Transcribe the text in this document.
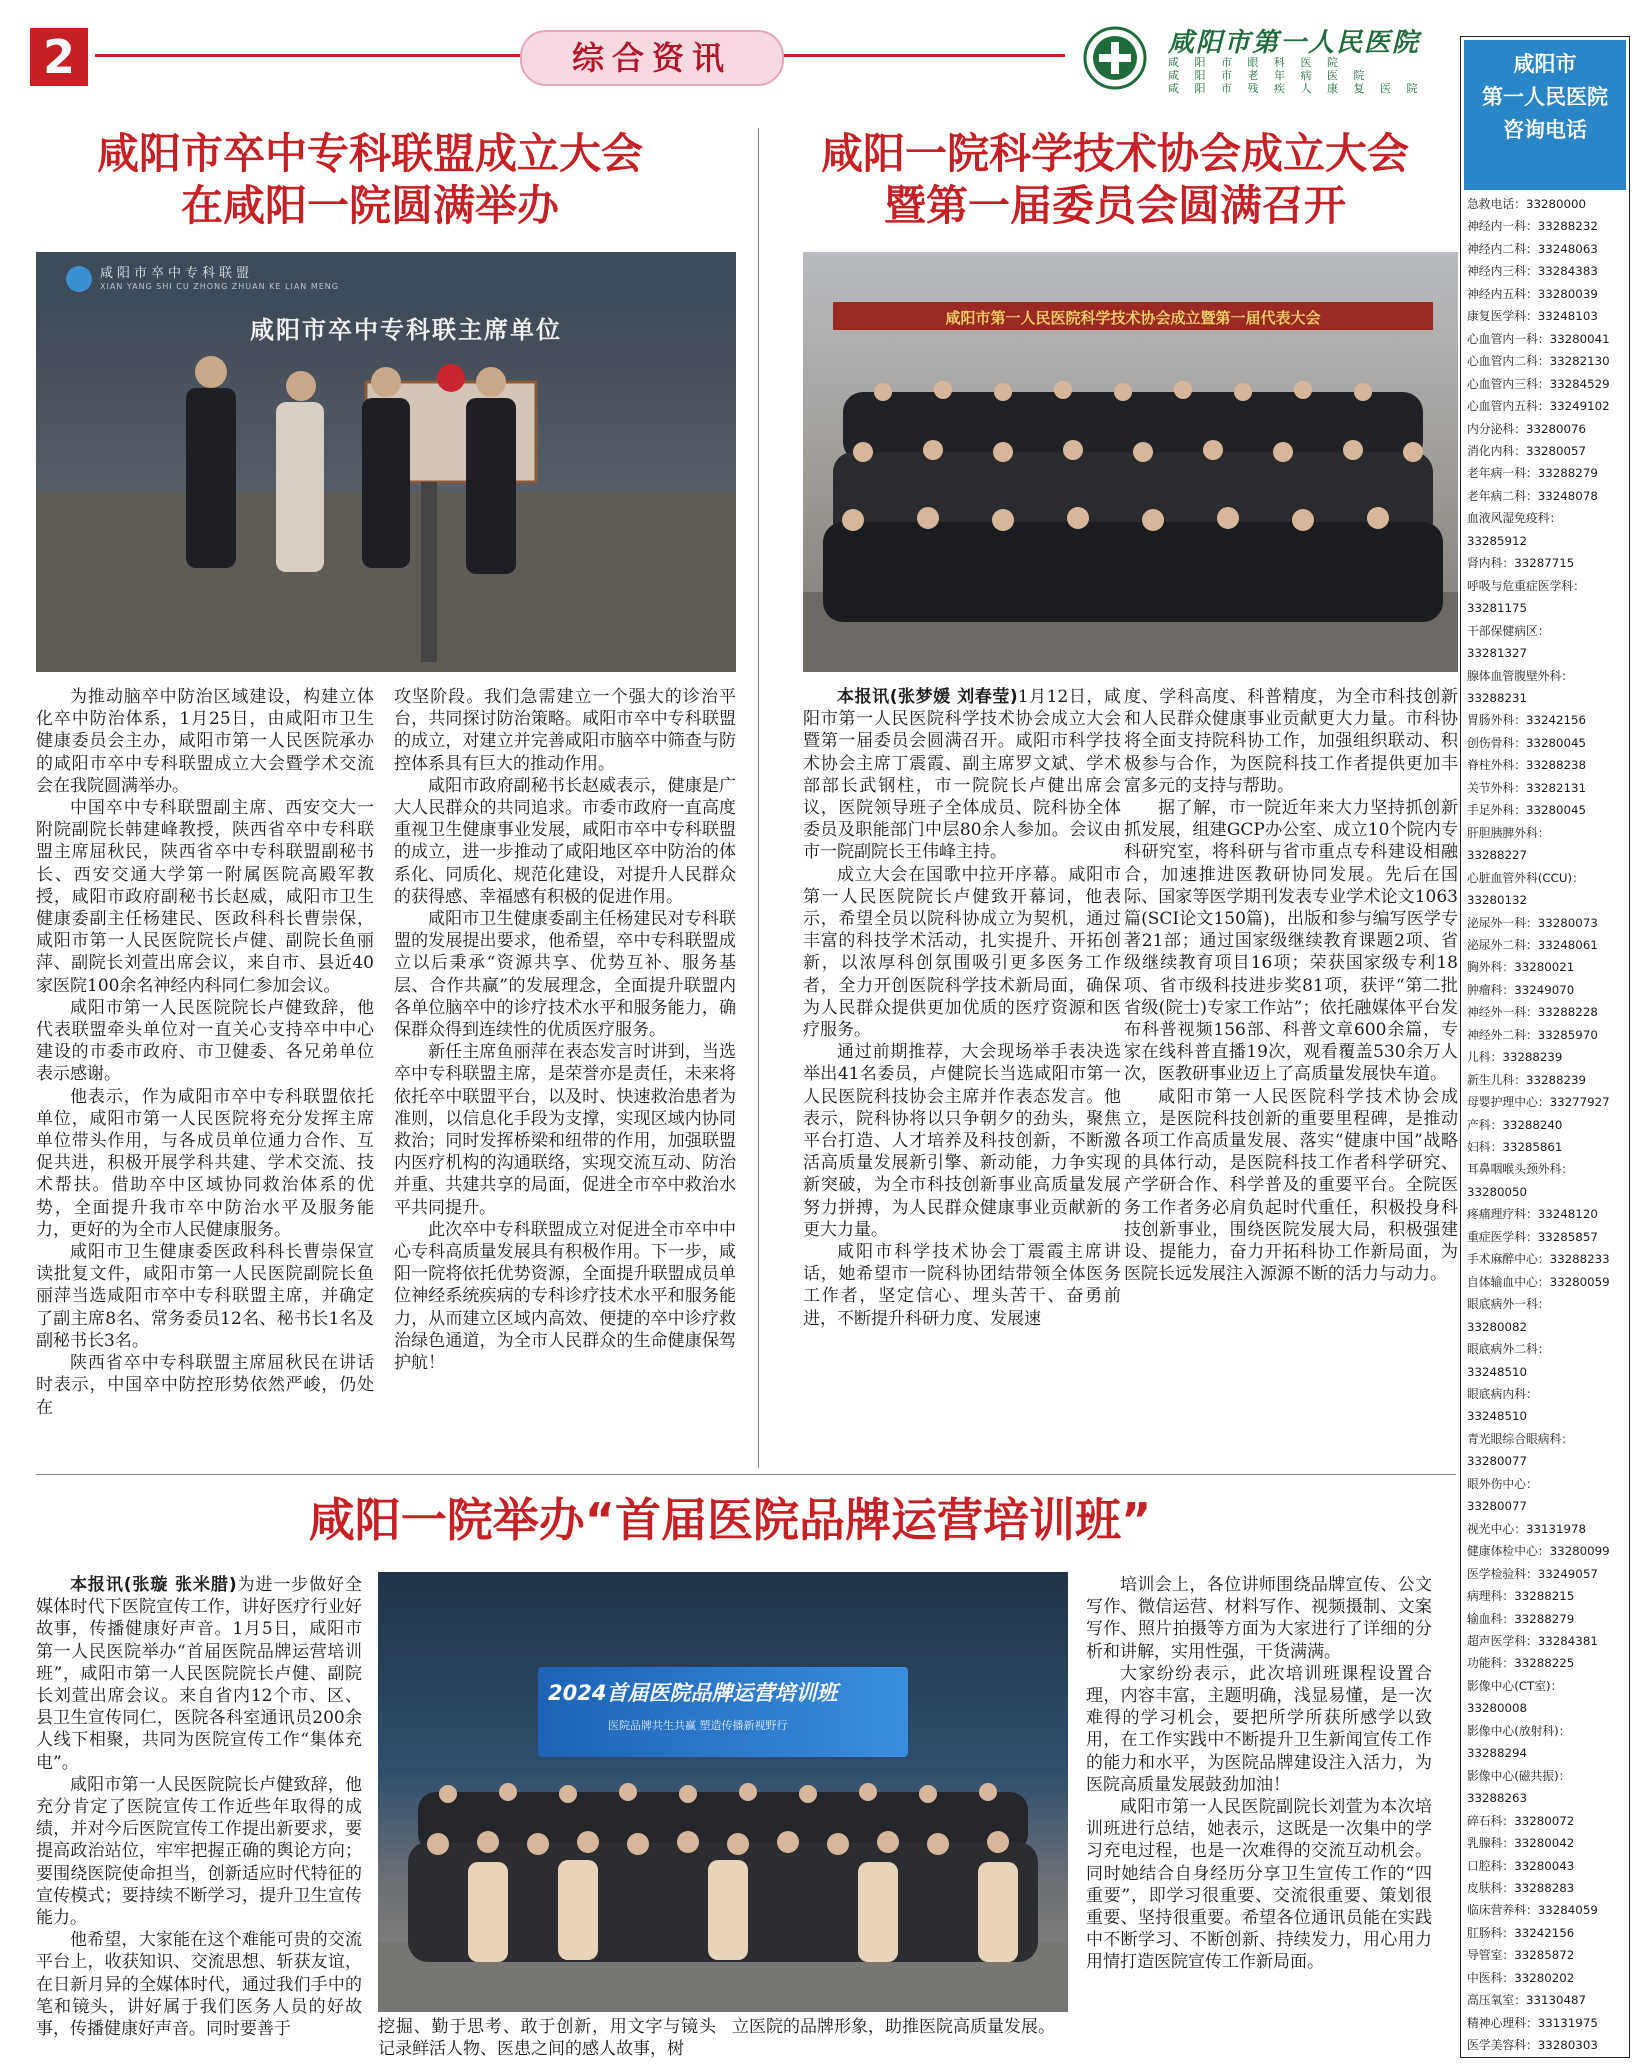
2	综合资讯	咸阳市第一人民医院
咸 阳 市 眼 科 医 院
咸 阳 市 老 年 病 医 院
咸 阳 市 残 疾 人 康 复 医 院
咸阳市
第一人民医院
咨询电话
急救电话：33280000
神经内一科：33288232
神经内二科：33248063
神经内三科：33284383
神经内五科：33280039
康复医学科：33248103
心血管内一科：33280041
心血管内二科：33282130
心血管内三科：33284529
心血管内五科：33249102
内分泌科：33280076
消化内科：33280057
老年病一科：33288279
老年病二科：33248078
血液风湿免疫科：
33285912
肾内科：33287715
呼吸与危重症医学科：
33281175
干部保健病区：
33281327
腺体血管腹壁外科：
33288231
胃肠外科：33242156
创伤骨科：33280045
脊柱外科：33288238
关节外科：33282131
手足外科：33280045
肝胆胰脾外科：
33288227
心脏血管外科(CCU)：
33280132
泌尿外一科：33280073
泌尿外二科：33248061
胸外科：33280021
肿瘤科：33249070
神经外一科：33288228
神经外二科：33285970
儿科：33288239
新生儿科：33288239
母婴护理中心：33277927
产科：33288240
妇科：33285861
耳鼻咽喉头颈外科：
33280050
疼痛理疗科：33248120
重症医学科：33285857
手术麻醉中心：33288233
自体输血中心：33280059
眼底病外一科：
33280082
眼底病外二科：
33248510
眼底病内科：
33248510
青光眼综合眼病科：
33280077
眼外伤中心：
33280077
视光中心：33131978
健康体检中心：33280099
医学检验科：33249057
病理科：33288215
输血科：33288279
超声医学科：33284381
功能科：33288225
影像中心(CT室)：
33280008
影像中心(放射科)：
33288294
影像中心(磁共振)：
33288263
碎石科：33280072
乳腺科：33280042
口腔科：33280043
皮肤科：33288283
临床营养科：33284059
肛肠科：33242156
导管室：33285872
中医科：33280202
高压氧室：33130487
精神心理科：33131975
医学美容科：33280303
咸阳市卒中专科联盟成立大会
在咸阳一院圆满举办
咸阳市卒中专科联盟
XIAN YANG SHI CU ZHONG ZHUAN KE LIAN MENG
咸阳市卒中专科联主席单位

为推动脑卒中防治区域建设，构建立体化卒中防治体系，1月25日，由咸阳市卫生健康委员会主办，咸阳市第一人民医院承办的咸阳市卒中专科联盟成立大会暨学术交流会在我院圆满举办。

中国卒中专科联盟副主席、西安交大一附院副院长韩建峰教授，陕西省卒中专科联盟主席屈秋民，陕西省卒中专科联盟副秘书长、西安交通大学第一附属医院高殿军教授，咸阳市政府副秘书长赵威，咸阳市卫生健康委副主任杨建民、医政科科长曹崇保，咸阳市第一人民医院院长卢健、副院长鱼丽萍、副院长刘萱出席会议，来自市、县近40家医院100余名神经内科同仁参加会议。

咸阳市第一人民医院院长卢健致辞，他代表联盟牵头单位对一直关心支持卒中中心建设的市委市政府、市卫健委、各兄弟单位表示感谢。

他表示，作为咸阳市卒中专科联盟依托单位，咸阳市第一人民医院将充分发挥主席单位带头作用，与各成员单位通力合作、互促共进，积极开展学科共建、学术交流、技术帮扶。借助卒中区域协同救治体系的优势，全面提升我市卒中防治水平及服务能力，更好的为全市人民健康服务。

咸阳市卫生健康委医政科科长曹崇保宣读批复文件，咸阳市第一人民医院副院长鱼丽萍当选咸阳市卒中专科联盟主席，并确定了副主席8名、常务委员12名、秘书长1名及副秘书长3名。

陕西省卒中专科联盟主席屈秋民在讲话时表示，中国卒中防控形势依然严峻，仍处在

攻坚阶段。我们急需建立一个强大的诊治平台，共同探讨防治策略。咸阳市卒中专科联盟的成立，对建立并完善咸阳市脑卒中筛查与防控体系具有巨大的推动作用。

咸阳市政府副秘书长赵威表示，健康是广大人民群众的共同追求。市委市政府一直高度重视卫生健康事业发展，咸阳市卒中专科联盟的成立，进一步推动了咸阳地区卒中防治的体系化、同质化、规范化建设，对提升人民群众的获得感、幸福感有积极的促进作用。

咸阳市卫生健康委副主任杨建民对专科联盟的发展提出要求，他希望，卒中专科联盟成立以后秉承“资源共享、优势互补、服务基层、合作共赢”的发展理念，全面提升联盟内各单位脑卒中的诊疗技术水平和服务能力，确保群众得到连续性的优质医疗服务。

新任主席鱼丽萍在表态发言时讲到，当选卒中专科联盟主席，是荣誉亦是责任，未来将依托卒中联盟平台，以及时、快速救治患者为准则，以信息化手段为支撑，实现区域内协同救治；同时发挥桥梁和纽带的作用，加强联盟内医疗机构的沟通联络，实现交流互动、防治并重、共建共享的局面，促进全市卒中救治水平共同提升。

此次卒中专科联盟成立对促进全市卒中中心专科高质量发展具有积极作用。下一步，咸阳一院将依托优势资源，全面提升联盟成员单位神经系统疾病的专科诊疗技术水平和服务能力，从而建立区域内高效、便捷的卒中诊疗救治绿色通道，为全市人民群众的生命健康保驾护航！

咸阳一院科学技术协会成立大会
暨第一届委员会圆满召开
咸阳市第一人民医院科学技术协会成立暨第一届代表大会

本报讯(张梦媛 刘春莹)1月12日，咸阳市第一人民医院科学技术协会成立大会暨第一届委员会圆满召开。咸阳市科学技术协会主席丁震霞、副主席罗文斌、学术部部长武钢柱，市一院院长卢健出席会议，医院领导班子全体成员、院科协全体委员及职能部门中层80余人参加。会议由市一院副院长王伟峰主持。

成立大会在国歌中拉开序幕。咸阳市第一人民医院院长卢健致开幕词，他表示，希望全员以院科协成立为契机，通过丰富的科技学术活动，扎实提升、开拓创新，以浓厚科创氛围吸引更多医务工作者，全力开创医院科学技术新局面，确保为人民群众提供更加优质的医疗资源和医疗服务。

通过前期推荐，大会现场举手表决选举出41名委员，卢健院长当选咸阳市第一人民医院科技协会主席并作表态发言。他表示，院科协将以只争朝夕的劲头，聚焦平台打造、人才培养及科技创新，不断激活高质量发展新引擎、新动能，力争实现新突破，为全市科技创新事业高质量发展努力拼搏，为人民群众健康事业贡献新的更大力量。

咸阳市科学技术协会丁震霞主席讲话，她希望市一院科协团结带领全体医务工作者，坚定信心、埋头苦干、奋勇前进，不断提升科研力度、发展速

度、学科高度、科普精度，为全市科技创新和人民群众健康事业贡献更大力量。市科协将全面支持院科协工作，加强组织联动、积极参与合作，为医院科技工作者提供更加丰富多元的支持与帮助。

据了解，市一院近年来大力坚持抓创新抓发展，组建GCP办公室、成立10个院内专科研究室，将科研与省市重点专科建设相融合，加速推进医教研协同发展。先后在国际、国家等医学期刊发表专业学术论文1063篇(SCI论文150篇)，出版和参与编写医学专著21部；通过国家级继续教育课题2项、省级继续教育项目16项；荣获国家级专利18项、省市级科技进步奖81项，获评“第二批省级(院士)专家工作站”；依托融媒体平台发布科普视频156部、科普文章600余篇，专家在线科普直播19次，观看覆盖530余万人次，医教研事业迈上了高质量发展快车道。

咸阳市第一人民医院科学技术协会成立，是医院科技创新的重要里程碑，是推动各项工作高质量发展、落实“健康中国”战略的具体行动，是医院科技工作者科学研究、产学研合作、科学普及的重要平台。全院医务工作者务必肩负起时代重任，积极投身科技创新事业，围绕医院发展大局，积极强建设、提能力，奋力开拓科协工作新局面，为医院长远发展注入源源不断的活力与动力。

咸阳一院举办“首届医院品牌运营培训班”
2024首届医院品牌运营培训班
医院品牌共生共赢 塑造传播新视野行

本报讯(张璇 张米腊)为进一步做好全媒体时代下医院宣传工作，讲好医疗行业好故事，传播健康好声音。1月5日，咸阳市第一人民医院举办“首届医院品牌运营培训班”，咸阳市第一人民医院院长卢健、副院长刘萱出席会议。来自省内12个市、区、县卫生宣传同仁，医院各科室通讯员200余人线下相聚，共同为医院宣传工作“集体充电”。

咸阳市第一人民医院院长卢健致辞，他充分肯定了医院宣传工作近些年取得的成绩，并对今后医院宣传工作提出新要求，要提高政治站位，牢牢把握正确的舆论方向；要围绕医院使命担当，创新适应时代特征的宣传模式；要持续不断学习，提升卫生宣传能力。

他希望，大家能在这个难能可贵的交流平台上，收获知识、交流思想、斩获友谊，在日新月异的全媒体时代，通过我们手中的笔和镜头，讲好属于我们医务人员的好故事，传播健康好声音。同时要善于	挖掘、勤于思考、敢于创新，用文字与镜头记录鲜活人物、医患之间的感人故事，树

立医院的品牌形象，助推医院高质量发展。

培训会上，各位讲师围绕品牌宣传、公文写作、微信运营、材料写作、视频摄制、文案写作、照片拍摄等方面为大家进行了详细的分析和讲解，实用性强，干货满满。

大家纷纷表示，此次培训班课程设置合理，内容丰富，主题明确，浅显易懂，是一次难得的学习机会，要把所学所获所感学以致用，在工作实践中不断提升卫生新闻宣传工作的能力和水平，为医院品牌建设注入活力，为医院高质量发展鼓劲加油！

咸阳市第一人民医院副院长刘萱为本次培训班进行总结，她表示，这既是一次集中的学习充电过程，也是一次难得的交流互动机会。同时她结合自身经历分享卫生宣传工作的“四重要”，即学习很重要、交流很重要、策划很重要、坚持很重要。希望各位通讯员能在实践中不断学习、不断创新、持续发力，用心用力用情打造医院宣传工作新局面。
